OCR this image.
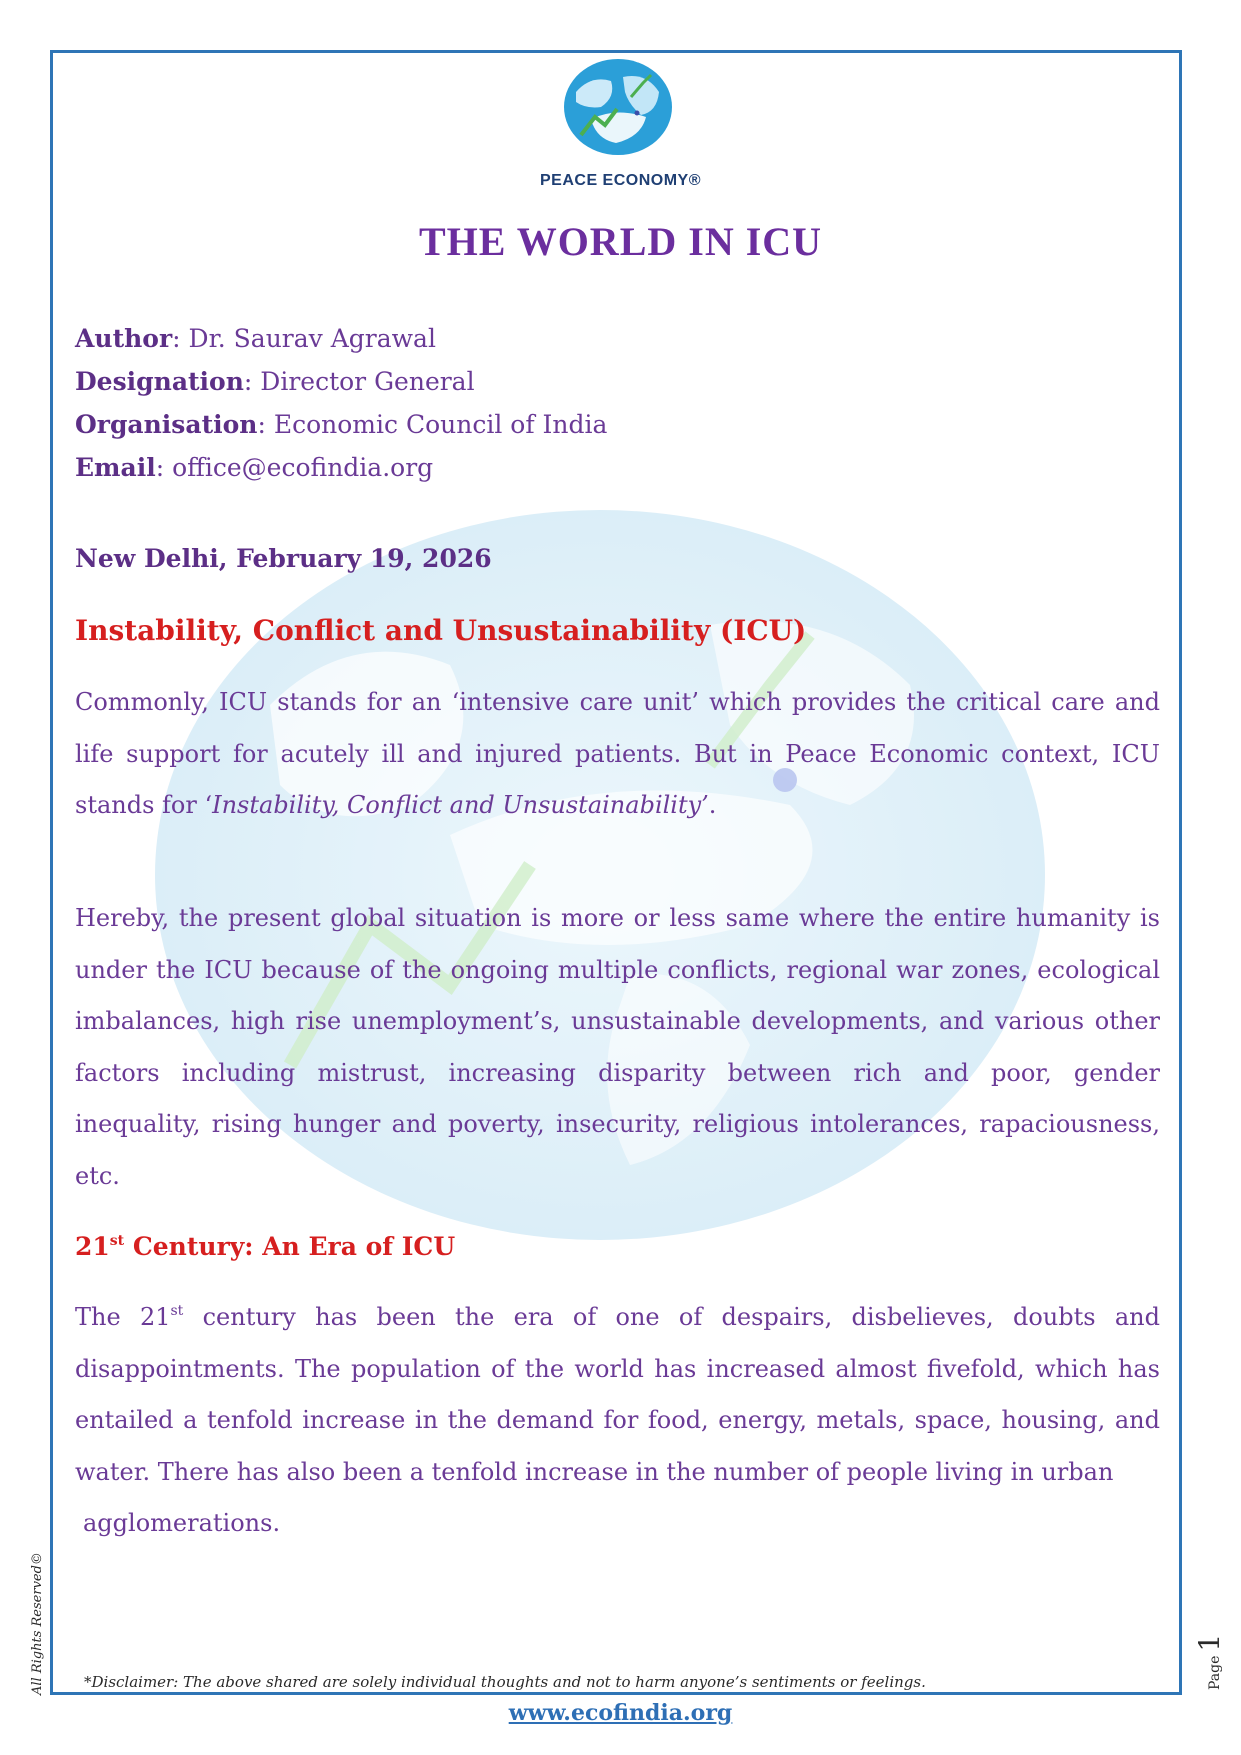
PEACE ECONOMY®
THE WORLD IN ICU
Author: Dr. Saurav Agrawal
Designation: Director General
Organisation: Economic Council of India
Email: office@ecofindia.org
New Delhi, February 19, 2026
Instability, Conflict and Unsustainability (ICU)
Commonly, ICU stands for an ‘intensive care unit’ which provides the critical care and life support for acutely ill and injured patients. But in Peace Economic context, ICU stands for ‘Instability, Conflict and Unsustainability’.
Hereby, the present global situation is more or less same where the entire humanity is under the ICU because of the ongoing multiple conflicts, regional war zones, ecological imbalances, high rise unemployment’s, unsustainable developments, and various other factors including mistrust, increasing disparity between rich and poor, gender inequality, rising hunger and poverty, insecurity, religious intolerances, rapaciousness, etc.
21st Century: An Era of ICU
The 21st century has been the era of one of despairs, disbelieves, doubts and disappointments. The population of the world has increased almost fivefold, which has entailed a tenfold increase in the demand for food, energy, metals, space, housing, and water. There has also been a tenfold increase in the number of people living in urban
agglomerations.
*Disclaimer: The above shared are solely individual thoughts and not to harm anyone’s sentiments or feelings.
All Rights Reserved©	Page1
www.ecofindia.org
